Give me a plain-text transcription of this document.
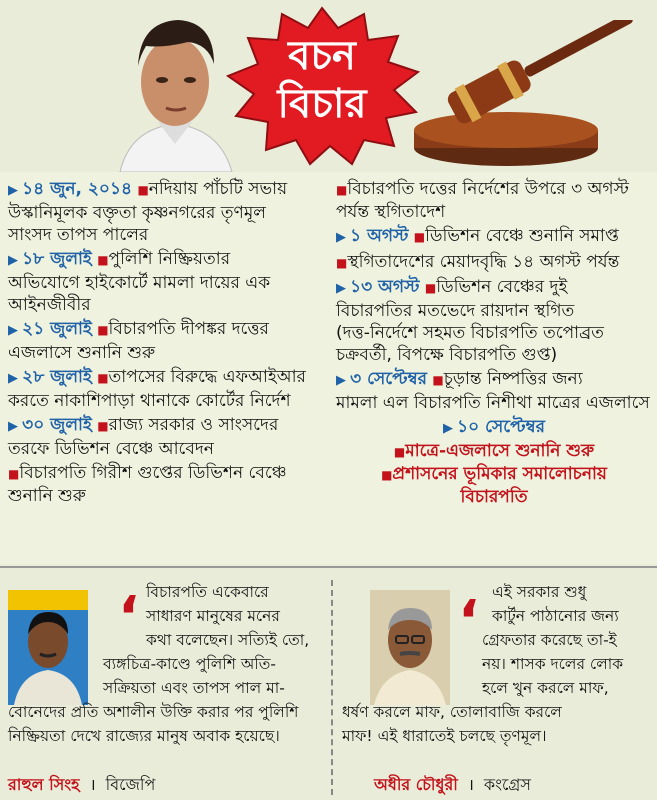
বচন
বিচার
▶ ১৪ জুন, ২০১৪ ■নদিয়ায় পাঁচটি সভায়
উস্কানিমূলক বক্তৃতা কৃষ্ণনগরের তৃণমূল
সাংসদ তাপস পালের
▶ ১৮ জুলাই ■পুলিশি নিষ্ক্রিয়তার
অভিযোগে হাইকোর্টে মামলা দায়ের এক
আইনজীবীর
▶ ২১ জুলাই ■বিচারপতি দীপঙ্কর দত্তের
এজলাসে শুনানি শুরু
▶ ২৮ জুলাই ■তাপসের বিরুদ্ধে এফআইআর
করতে নাকাশিপাড়া থানাকে কোর্টের নির্দেশ
▶ ৩০ জুলাই ■রাজ্য সরকার ও সাংসদের
তরফে ডিভিশন বেঞ্চে আবেদন
■বিচারপতি গিরীশ গুপ্তের ডিভিশন বেঞ্চে
শুনানি শুরু
■বিচারপতি দত্তের নির্দেশের উপরে ৩ অগস্ট
পর্যন্ত স্থগিতাদেশ
▶ ১ অগস্ট ■ডিভিশন বেঞ্চে শুনানি সমাপ্ত
■স্থগিতাদেশের মেয়াদবৃদ্ধি ১৪ অগস্ট পর্যন্ত
▶ ১৩ অগস্ট ■ডিভিশন বেঞ্চের দুই
বিচারপতির মতভেদে রায়দান স্থগিত
(দত্ত-নির্দেশে সহমত বিচারপতি তপোব্রত
চক্রবর্তী, বিপক্ষে বিচারপতি গুপ্ত)
▶ ৩ সেপ্টেম্বর ■চূড়ান্ত নিষ্পত্তির জন্য
মামলা এল বিচারপতি নিশীথা মাত্রের এজলাসে
▶ ১০ সেপ্টেম্বর
■মাত্রে-এজলাসে শুনানি শুরু
■প্রশাসনের ভূমিকার সমালোচনায়
বিচারপতি
‘ বিচারপতি একেবারে
সাধারণ মানুষের মনের
কথা বলেছেন। সত্যিই তো,
ব্যঙ্গচিত্র-কাণ্ডে পুলিশি অতি-
সক্রিয়তা এবং তাপস পাল মা-
বোনেদের প্রতি অশালীন উক্তি করার পর পুলিশি
নিষ্ক্রিয়তা দেখে রাজ্যের মানুষ অবাক হয়েছে।
রাহুল সিংহ । বিজেপি
‘ এই সরকার শুধু
কার্টুন পাঠানোর জন্য
গ্রেফতার করেছে তা-ই
নয়। শাসক দলের লোক
হলে খুন করলে মাফ,
ধর্ষণ করলে মাফ, তোলাবাজি করলে
মাফ! এই ধারাতেই চলছে তৃণমূল।
অধীর চৌধুরী । কংগ্রেস
